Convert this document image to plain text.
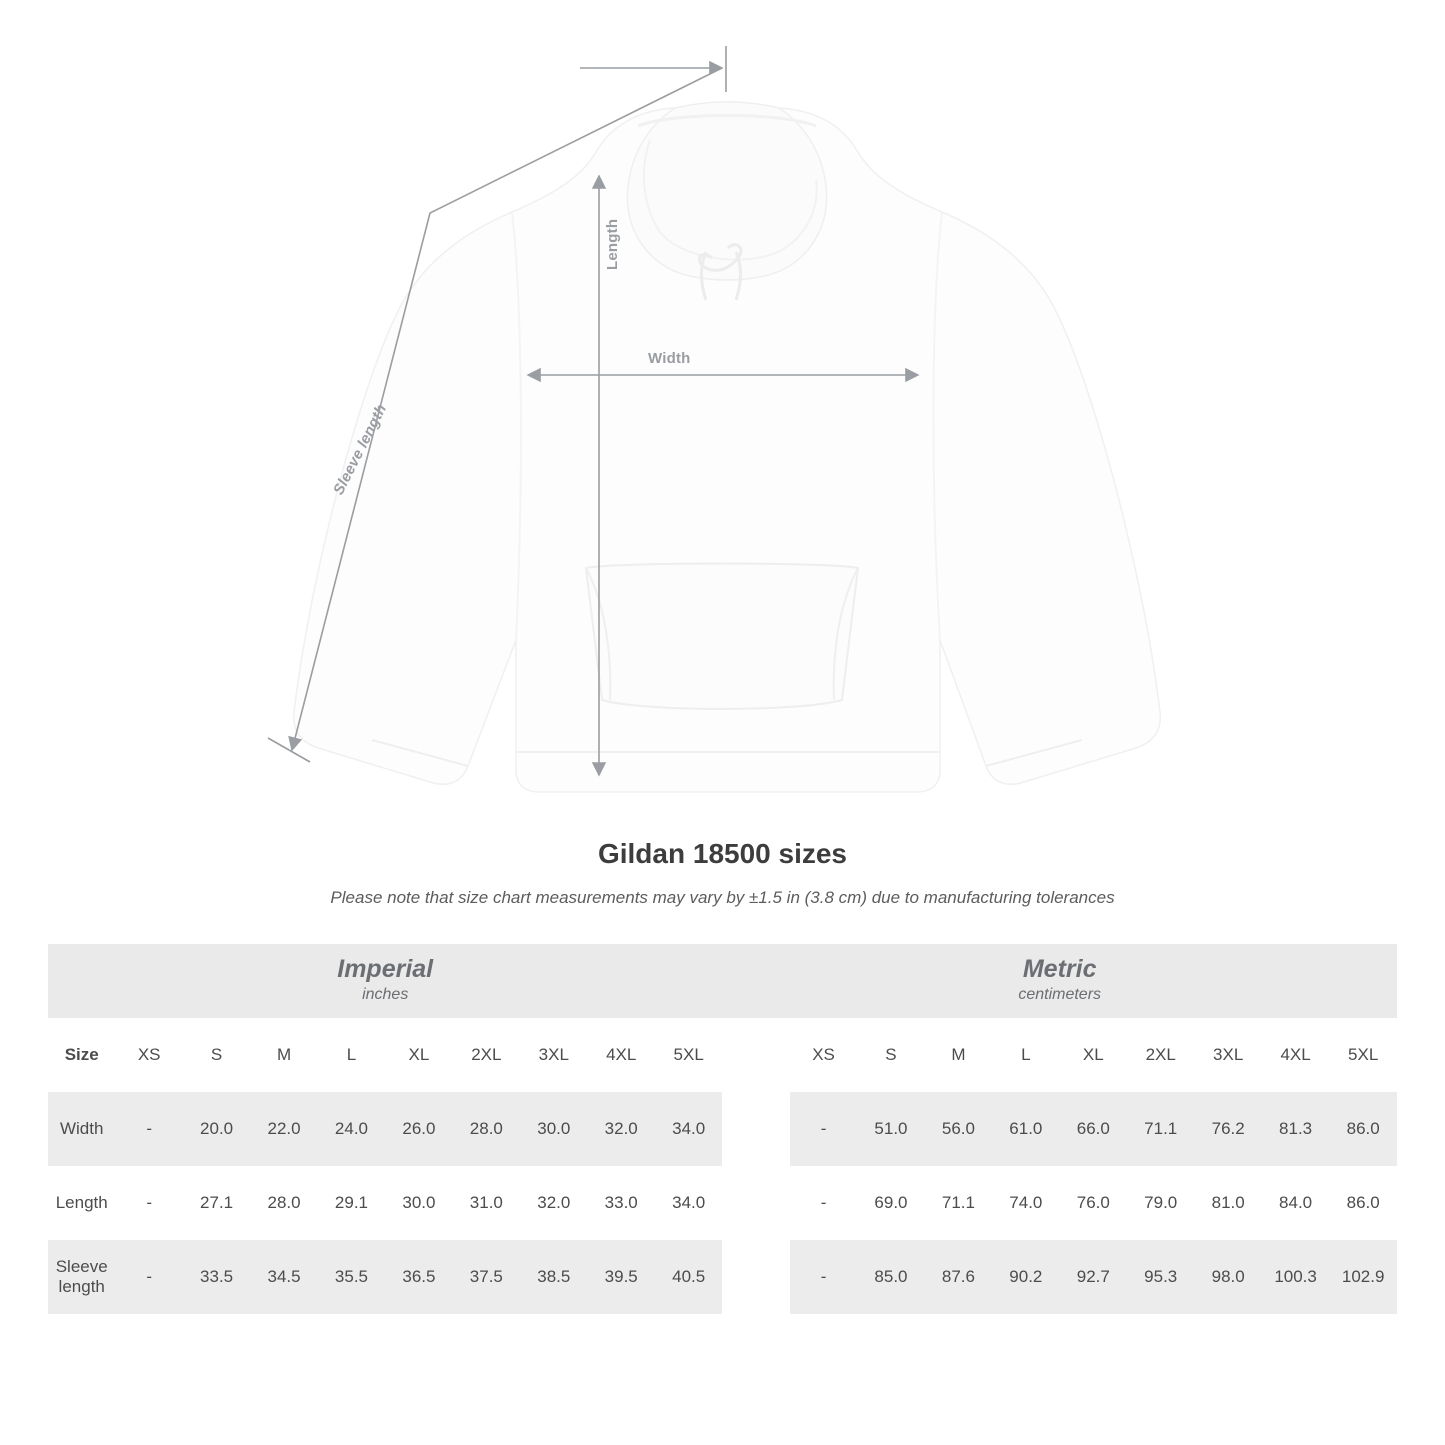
Width
Length
Sleeve length
Gildan 18500 sizes

Please note that size chart measurements may vary by ±1.5 in (3.8 cm) due to manufacturing tolerances

Imperial
inches

Metric
centimeters

Size	XS	S	M	L	XL	2XL	3XL	4XL	5XL		XS	S	M	L	XL	2XL	3XL	4XL	5XL
Width	-	20.0	22.0	24.0	26.0	28.0	30.0	32.0	34.0		-	51.0	56.0	61.0	66.0	71.1	76.2	81.3	86.0
Length	-	27.1	28.0	29.1	30.0	31.0	32.0	33.0	34.0		-	69.0	71.1	74.0	76.0	79.0	81.0	84.0	86.0
Sleeve length	-	33.5	34.5	35.5	36.5	37.5	38.5	39.5	40.5		-	85.0	87.6	90.2	92.7	95.3	98.0	100.3	102.9
